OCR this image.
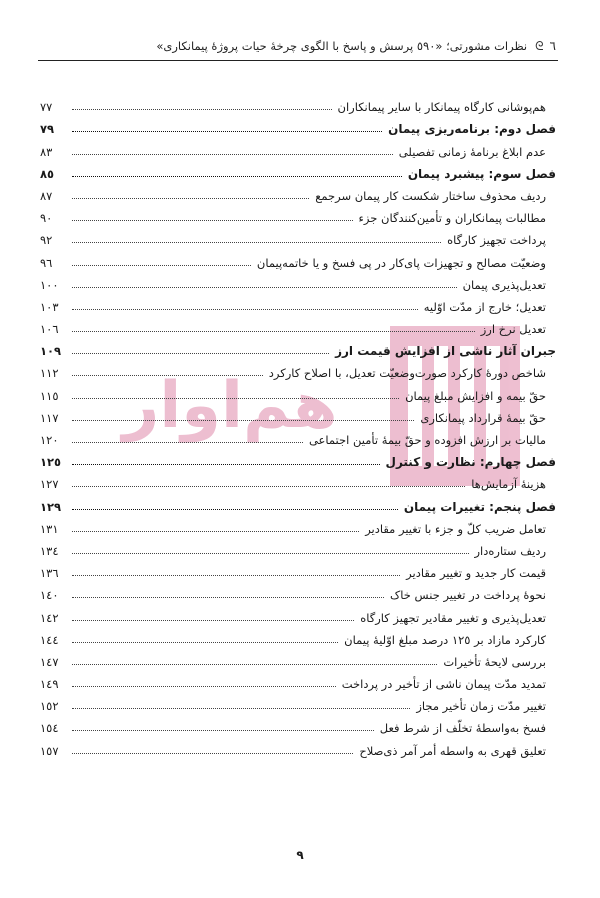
٦
ᘓ
نظرات مشورتی؛ «٥٩٠ پرسش و پاسخ با الگوی چرخهٔ حیات پروژهٔ پیمانکاری»
هم‌اوار
هم‌پوشانی کارگاه پیمانکار با سایر پیمانکاران
٧٧
فصل دوم: برنامه‌ریزی پیمان
٧٩
عدم ابلاغ برنامهٔ زمانی تفصیلی
٨٣
فصل سوم: پیشبرد پیمان
٨٥
ردیف محذوف ساختار شکست کار پیمان سرجمع
٨٧
مطالبات پیمانکاران و تأمین‌کنندگان جزء
٩٠
پرداخت تجهیز کارگاه
٩٢
وضعیّت مصالح و تجهیزات پای‌کار در پی فسخ و یا خاتمه‌پیمان
٩٦
تعدیل‌پذیری پیمان
١٠٠
تعدیل؛ خارج از مدّت اوّلیه
١٠٣
تعدیل نرخ ارز
١٠٦
جبران آثار ناشی از افزایش قیمت ارز
١٠٩
شاخص دورهٔ کارکرد صورت‌وضعیّت تعدیل، با اصلاح کارکرد
١١٢
حقّ بیمه و افزایش مبلغ پیمان
١١٥
حقّ بیمهٔ قرارداد پیمانکاری
١١٧
مالیات بر ارزش افزوده و حقّ بیمهٔ تأمین اجتماعی
١٢٠
فصل چهارم: نظارت و کنترل
١٢٥
هزینهٔ آزمایش‌ها
١٢٧
فصل پنجم: تغییرات پیمان
١٢٩
تعامل ضریب کلّ و جزء با تغییر مقادیر
١٣١
ردیف ستاره‌دار
١٣٤
قیمت کار جدید و تغییر مقادیر
١٣٦
نحوهٔ پرداخت در تغییر جنس خاک
١٤٠
تعدیل‌پذیری و تغییر مقادیر تجهیز کارگاه
١٤٢
کارکرد مازاد بر ١٢٥ درصد مبلغ اوّلیهٔ پیمان
١٤٤
بررسی لایحهٔ تأخیرات
١٤٧
تمدید مدّت پیمان ناشی از تأخیر در پرداخت
١٤٩
تغییر مدّت زمان تأخیر مجاز
١٥٢
فسخ به‌واسطهٔ تخلّف از شرط فعل
١٥٤
تعلیق قهری به واسطه أمر آمر ذی‌صلاح
١٥٧
٩
